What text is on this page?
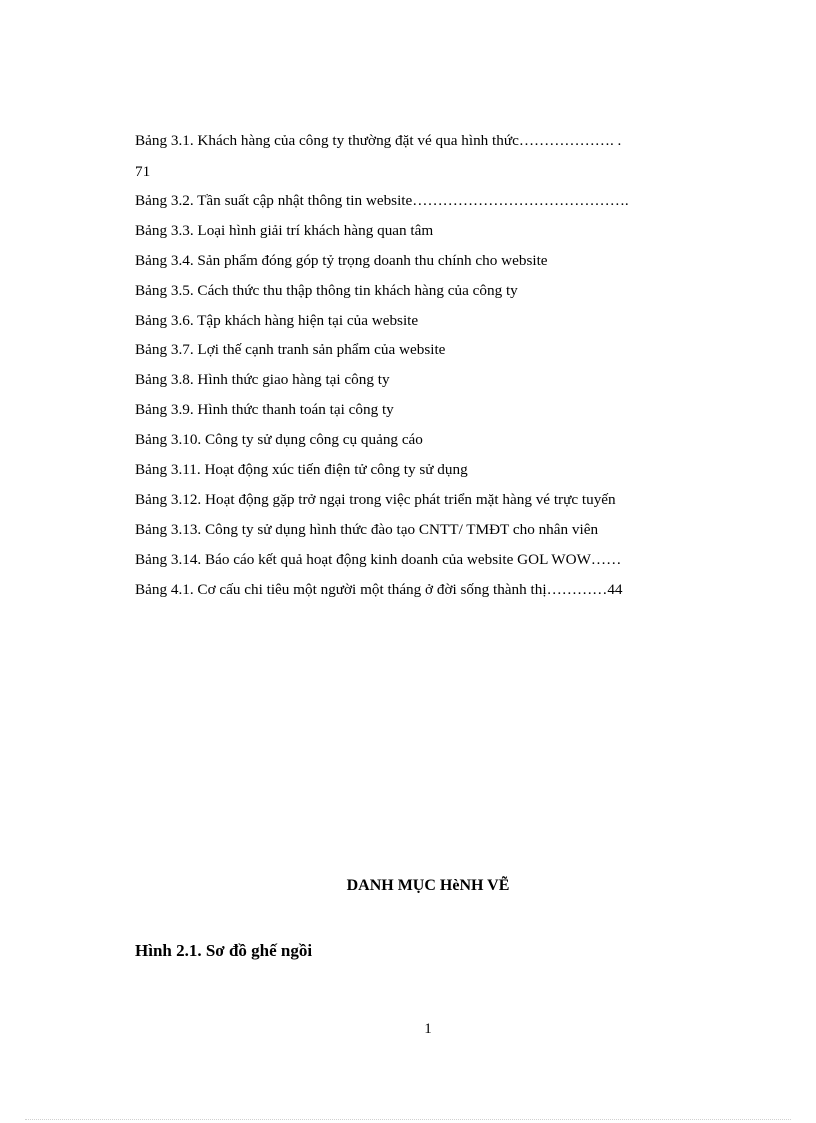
Bảng 3.1. Khách hàng của công ty thường đặt vé qua hình thức………………. .
71
Bảng 3.2. Tần suất cập nhật thông tin website…………………………………….
Bảng 3.3. Loại hình giải trí khách hàng quan tâm
Bảng 3.4. Sản phẩm đóng góp tỷ trọng doanh thu chính cho website
Bảng 3.5. Cách thức thu thập thông tin khách hàng của công ty
Bảng 3.6. Tập khách hàng hiện tại của website
Bảng 3.7. Lợi thế cạnh tranh sản phẩm của website
Bảng 3.8. Hình thức giao hàng tại công ty
Bảng 3.9. Hình thức thanh toán tại công ty
Bảng 3.10. Công ty sử dụng công cụ quảng cáo
Bảng 3.11. Hoạt động xúc tiến điện tử công ty sử dụng
Bảng 3.12. Hoạt động gặp trở ngại trong việc phát triển mặt hàng vé trực tuyến
Bảng 3.13. Công ty sử dụng hình thức đào tạo CNTT/ TMĐT cho nhân viên
Bảng 3.14. Báo cáo kết quả hoạt động kinh doanh của website GOL WOW……
Bảng 4.1. Cơ cấu chi tiêu một người một tháng ở đời sống thành thị…………44
DANH MỤC HèNH VẼ
Hình 2.1. Sơ đồ ghế ngồi
1
